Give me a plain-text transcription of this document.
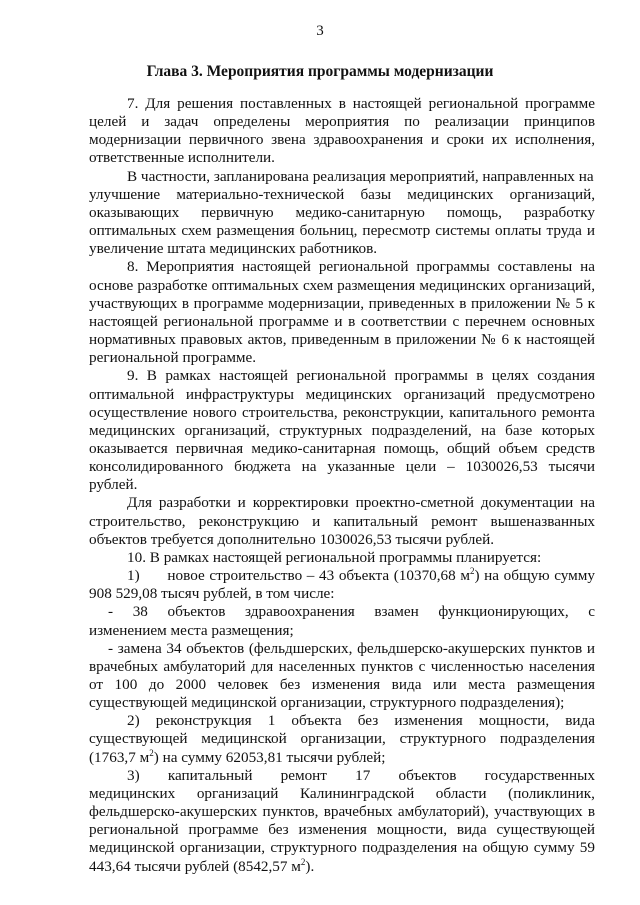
3
Глава 3. Мероприятия программы модернизации

7. Для решения поставленных в настоящей региональной программе целей и задач определены мероприятия по реализации принципов модернизации первичного звена здравоохранения и сроки их исполнения, ответственные исполнители.

В частности, запланирована реализация мероприятий, направленных на

улучшение материально-технической базы медицинских организаций,

оказывающих первичную медико-санитарную помощь, разработку

оптимальных схем размещения больниц, пересмотр системы оплаты труда и увеличение штата медицинских работников.

8. Мероприятия настоящей региональной программы составлены на основе разработке оптимальных схем размещения медицинских организаций, участвующих в программе модернизации, приведенных в приложении № 5 к настоящей региональной программе и в соответствии с перечнем основных нормативных правовых актов, приведенным в приложении № 6 к настоящей региональной программе.

9. В рамках настоящей региональной программы в целях создания оптимальной инфраструктуры медицинских организаций предусмотрено осуществление нового строительства, реконструкции, капитального ремонта медицинских организаций, структурных подразделений, на базе которых оказывается первичная медико-санитарная помощь, общий объем средств консолидированного бюджета на указанные цели – 1030026,53 тысячи рублей.

Для разработки и корректировки проектно-сметной документации на строительство, реконструкцию и капитальный ремонт вышеназванных объектов требуется дополнительно 1030026,53 тысячи рублей.

10. В рамках настоящей региональной программы планируется:

1) новое строительство – 43 объекта (10370,68 $м^2$) на общую сумму 908 529,08 тысяч рублей, в том числе:

- 38 объектов здравоохранения взамен функционирующих, с

изменением места размещения;

- замена 34 объектов (фельдшерских, фельдшерско-акушерских пунктов и врачебных амбулаторий для населенных пунктов с численностью населения от 100 до 2000 человек без изменения вида или места размещения существующей медицинской организации, структурного подразделения);

2) реконструкция 1 объекта без изменения мощности, вида существующей медицинской организации, структурного подразделения (1763,7 $м^2$) на сумму 62053,81 тысячи рублей;

3) капитальный ремонт 17 объектов государственных
медицинских организаций Калининградской области (поликлиник,

фельдшерско-акушерских пунктов, врачебных амбулаторий), участвующих в региональной программе без изменения мощности, вида существующей медицинской организации, структурного подразделения на общую сумму 59 443,64 тысячи рублей (8542,57 $м^2$).
